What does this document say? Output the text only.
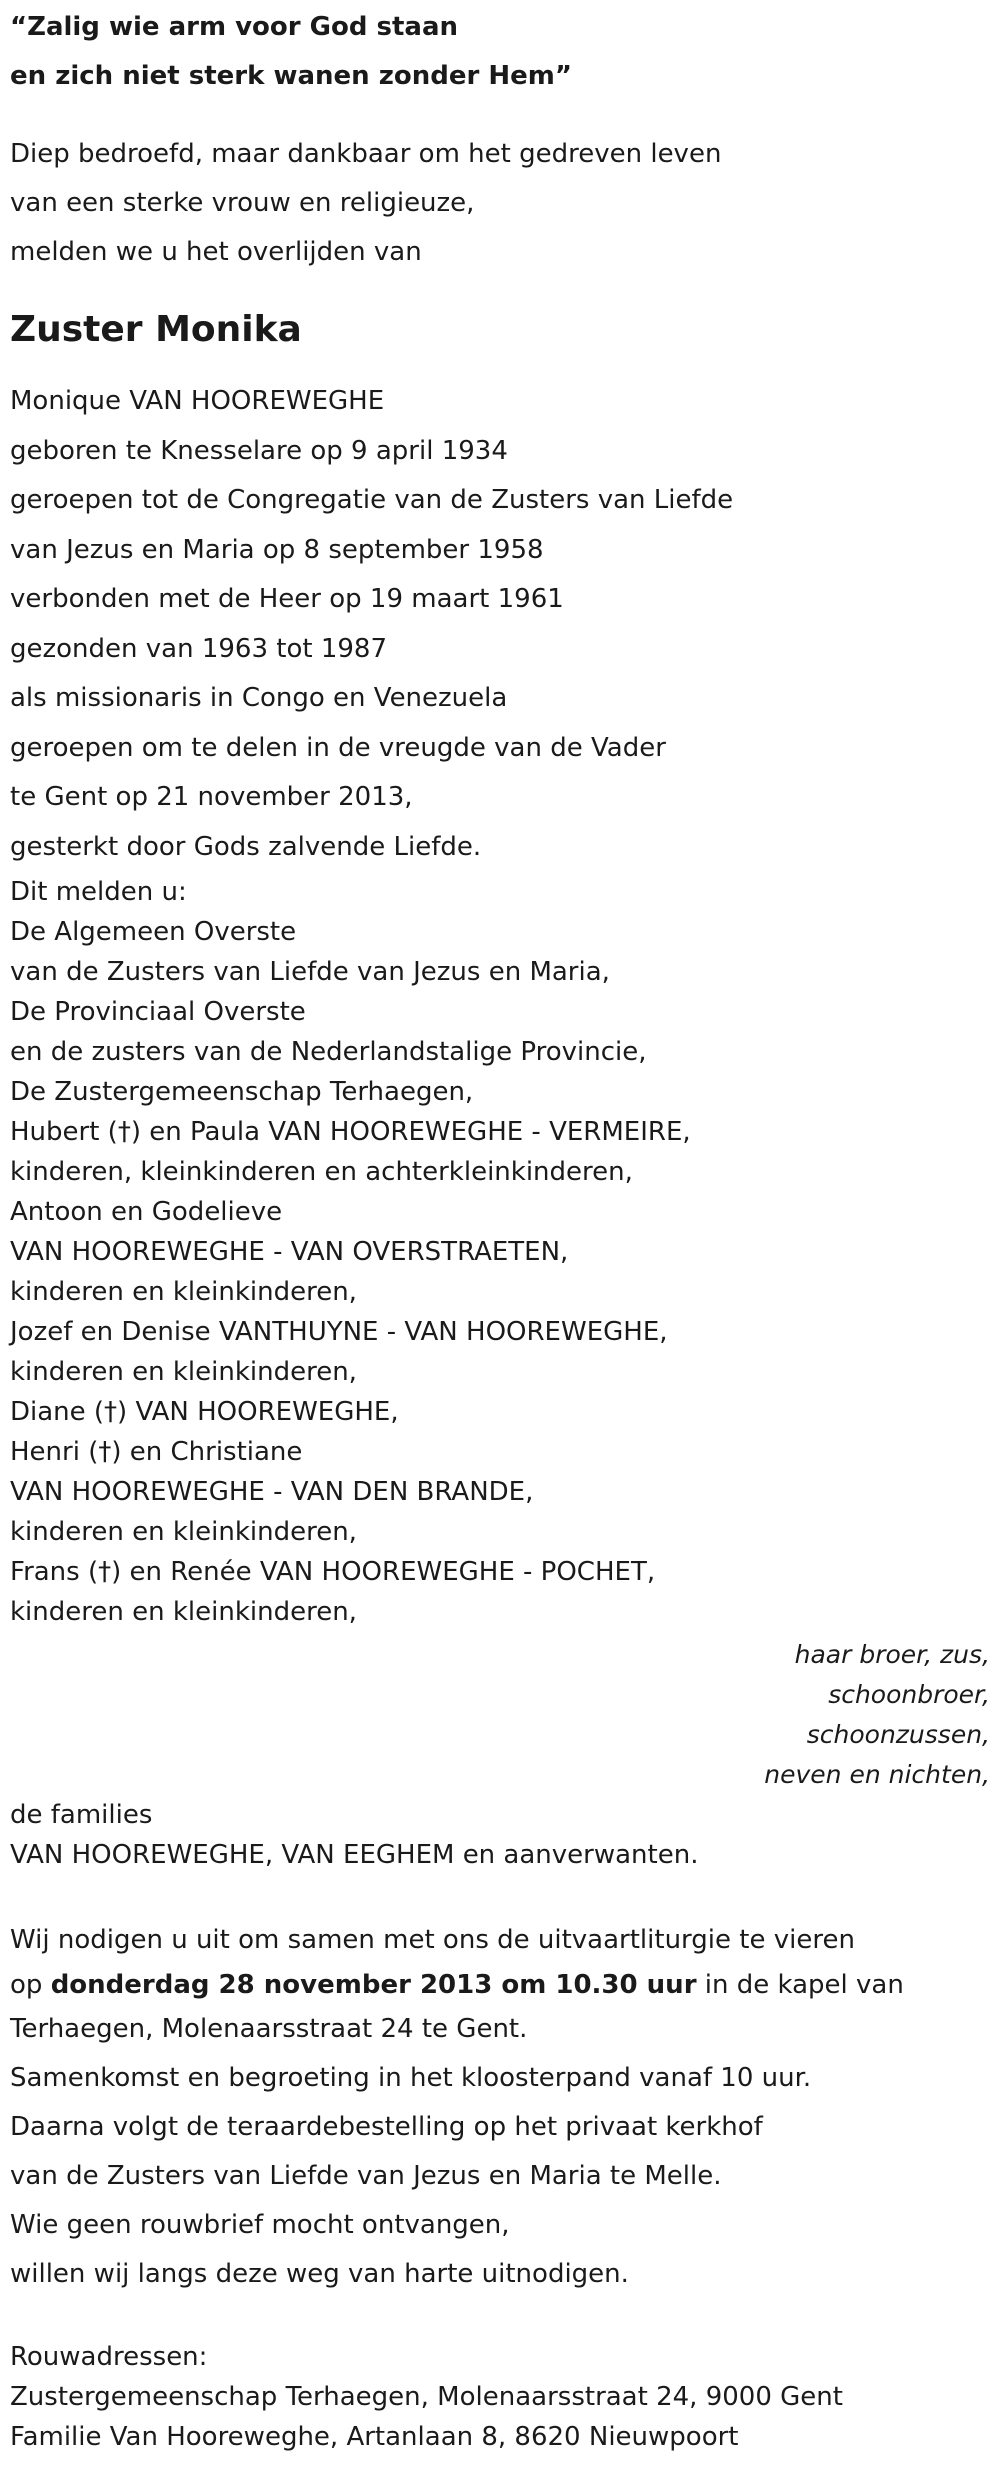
“Zalig wie arm voor God staan

en zich niet sterk wanen zonder Hem”

Diep bedroefd, maar dankbaar om het gedreven leven

van een sterke vrouw en religieuze,

melden we u het overlijden van

Zuster Monika

Monique VAN HOOREWEGHE

geboren te Knesselare op 9 april 1934

geroepen tot de Congregatie van de Zusters van Liefde

van Jezus en Maria op 8 september 1958

verbonden met de Heer op 19 maart 1961

gezonden van 1963 tot 1987

als missionaris in Congo en Venezuela

geroepen om te delen in de vreugde van de Vader

te Gent op 21 november 2013,

gesterkt door Gods zalvende Liefde.

Dit melden u:

De Algemeen Overste

van de Zusters van Liefde van Jezus en Maria,

De Provinciaal Overste

en de zusters van de Nederlandstalige Provincie,

De Zustergemeenschap Terhaegen,

Hubert (†) en Paula VAN HOOREWEGHE - VERMEIRE,

kinderen, kleinkinderen en achterkleinkinderen,

Antoon en Godelieve

VAN HOOREWEGHE - VAN OVERSTRAETEN,

kinderen en kleinkinderen,

Jozef en Denise VANTHUYNE - VAN HOOREWEGHE,

kinderen en kleinkinderen,

Diane (†) VAN HOOREWEGHE,

Henri (†) en Christiane

VAN HOOREWEGHE - VAN DEN BRANDE,

kinderen en kleinkinderen,

Frans (†) en Renée VAN HOOREWEGHE - POCHET,

kinderen en kleinkinderen,

haar broer, zus,

schoonbroer,

schoonzussen,

neven en nichten,

de families

VAN HOOREWEGHE, VAN EEGHEM en aanverwanten.

Wij nodigen u uit om samen met ons de uitvaartliturgie te vieren

op donderdag 28 november 2013 om 10.30 uur in de kapel van

Terhaegen, Molenaarsstraat 24 te Gent.

Samenkomst en begroeting in het kloosterpand vanaf 10 uur.

Daarna volgt de teraardebestelling op het privaat kerkhof

van de Zusters van Liefde van Jezus en Maria te Melle.

Wie geen rouwbrief mocht ontvangen,

willen wij langs deze weg van harte uitnodigen.

Rouwadressen:

Zustergemeenschap Terhaegen, Molenaarsstraat 24, 9000 Gent

Familie Van Hooreweghe, Artanlaan 8, 8620 Nieuwpoort
